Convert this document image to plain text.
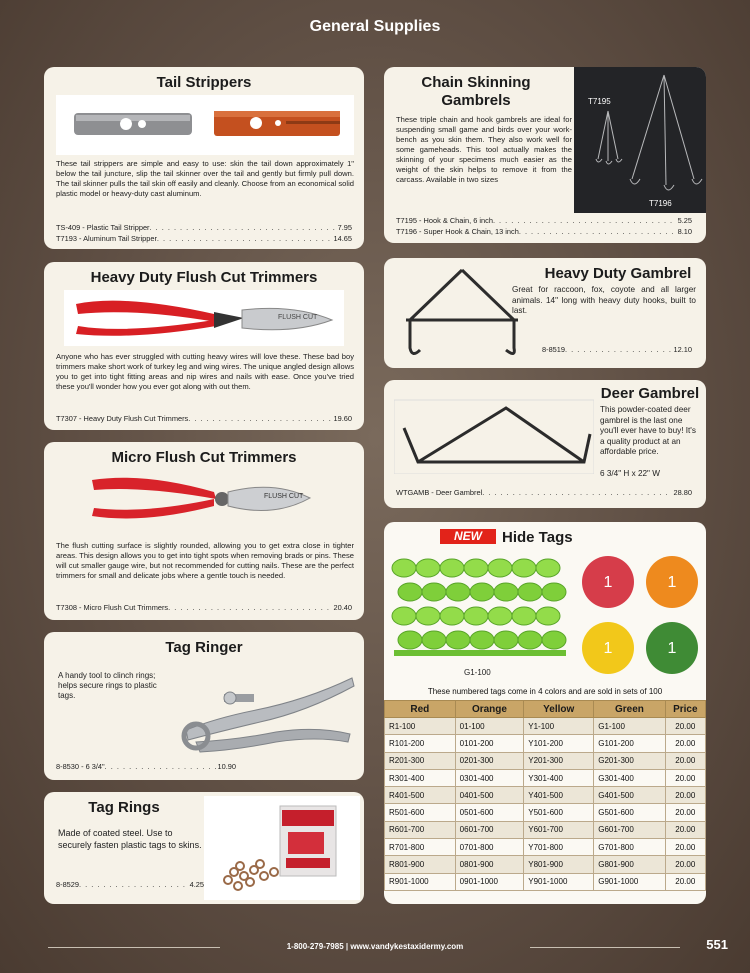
General Supplies
Tail Strippers
These tail strippers are simple and easy to use: skin the tail down approximately 1" below the tail juncture, slip the tail skinner over the tail and gently but firmly pull down. The tail skinner pulls the tail skin off easily and cleanly. Choose from an economical solid plastic model or heavy-duty cast aluminum.
TS-409 - Plastic Tail Stripper . . .	7.95
T7193 - Aluminum Tail Stripper . . .	14.65
Heavy Duty Flush Cut Trimmers
FLUSH CUT
Anyone who has ever struggled with cutting heavy wires will love these. These bad boy trimmers make short work of turkey leg and wing wires. The unique angled design allows you to get into tight fitting areas and nip wires and nails with ease. Once you've tried these you'll wonder how you ever got along with out them.
T7307 - Heavy Duty Flush Cut Trimmers . . .	19.60
Micro Flush Cut Trimmers
FLUSH CUT
The flush cutting surface is slightly rounded, allowing you to get extra close in tighter areas. This design allows you to get into tight spots when removing brads or pins. These will cut smaller gauge wire, but not recommended for cutting nails. These are the perfect trimmers for small and delicate jobs where a gentle touch is needed.
T7308 - Micro Flush Cut Trimmers . . .	20.40
Tag Ringer
A handy tool to clinch rings; helps secure rings to plastic tags.
8-8530 - 6 3/4" . . .	10.90
Tag Rings
Made of coated steel. Use to securely fasten plastic tags to skins.
8-8529 . . .	4.25
Chain Skinning Gambrels
These triple chain and hook gambrels are ideal for suspending small game and birds over your work-bench as you skin them. They also work well for some gameheads. This tool actually makes the skinning of your specimens much easier as the weight of the skin helps to remove it from the carcass. Available in two sizes
T7195
T7196
T7195 - Hook & Chain, 6 inch . . .	5.25
T7196 - Super Hook & Chain, 13 inch . . .	8.10
Heavy Duty Gambrel
Great for raccoon, fox, coyote and all larger animals. 14" long with heavy duty hooks, built to last.
8-8519 . . .	12.10
Deer Gambrel
This powder-coated deer gambrel is the last one you'll ever have to buy! It's a quality product at an affordable price.
6 3/4" H x 22" W
WTGAMB - Deer Gambrel . . .	28.80
NEW	Hide Tags
G1-100
1	1
1	1
These numbered tags come in 4 colors and are sold in sets of 100
Red	Orange	Yellow	Green	Price
R1-100	01-100	Y1-100	G1-100	20.00
R101-200	0101-200	Y101-200	G101-200	20.00
R201-300	0201-300	Y201-300	G201-300	20.00
R301-400	0301-400	Y301-400	G301-400	20.00
R401-500	0401-500	Y401-500	G401-500	20.00
R501-600	0501-600	Y501-600	G501-600	20.00
R601-700	0601-700	Y601-700	G601-700	20.00
R701-800	0701-800	Y701-800	G701-800	20.00
R801-900	0801-900	Y801-900	G801-900	20.00
R901-1000	0901-1000	Y901-1000	G901-1000	20.00
1-800-279-7985 | www.vandykestaxidermy.com	551
